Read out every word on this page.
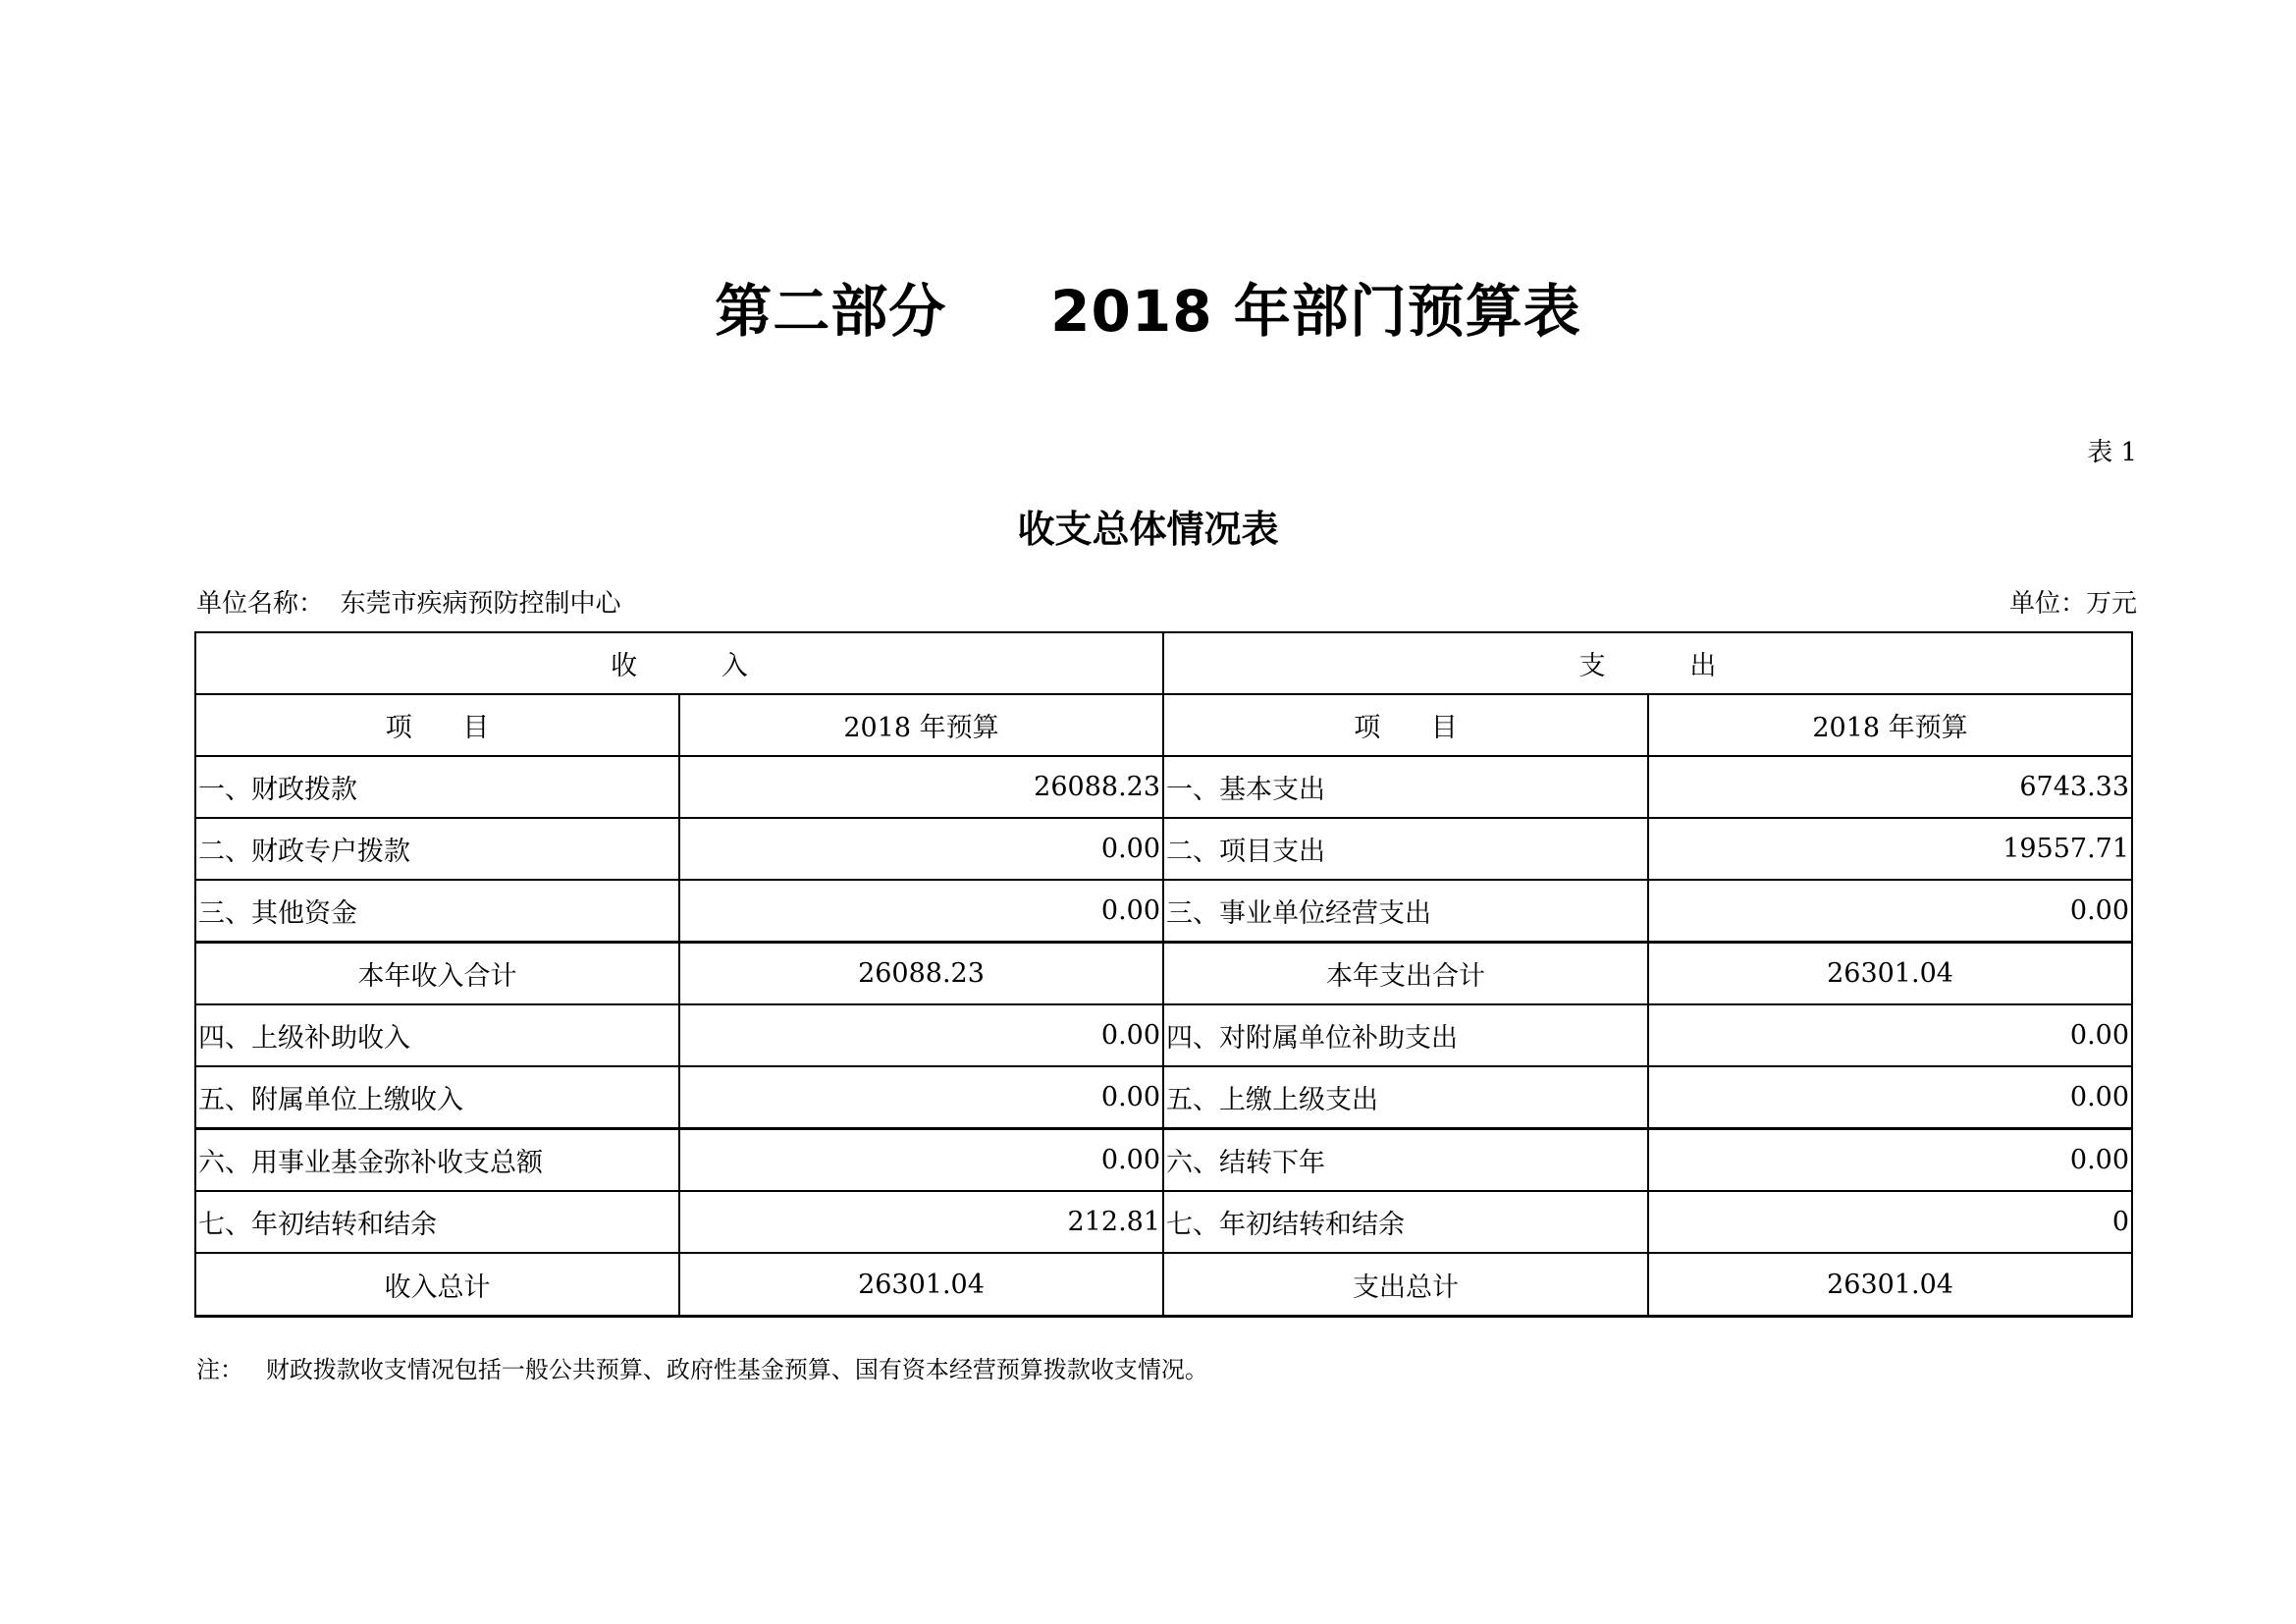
第二部分     2018 年部门预算表
表 1
收支总体情况表
单位名称：  东莞市疾病预防控制中心	单位：万元
收          入		支          出	
项      目	2018 年预算	项      目	2018 年预算
一、财政拨款	26088.23	一、基本支出	6743.33
二、财政专户拨款	0.00	二、项目支出	19557.71
三、其他资金	0.00	三、事业单位经营支出	0.00
本年收入合计	26088.23	本年支出合计	26301.04
四、上级补助收入	0.00	四、对附属单位补助支出	0.00
五、附属单位上缴收入	0.00	五、上缴上级支出	0.00
六、用事业基金弥补收支总额	0.00	六、结转下年	0.00
七、年初结转和结余	212.81	七、年初结转和结余	0
收入总计	26301.04	支出总计	26301.04
注：   财政拨款收支情况包括一般公共预算、政府性基金预算、国有资本经营预算拨款收支情况。
